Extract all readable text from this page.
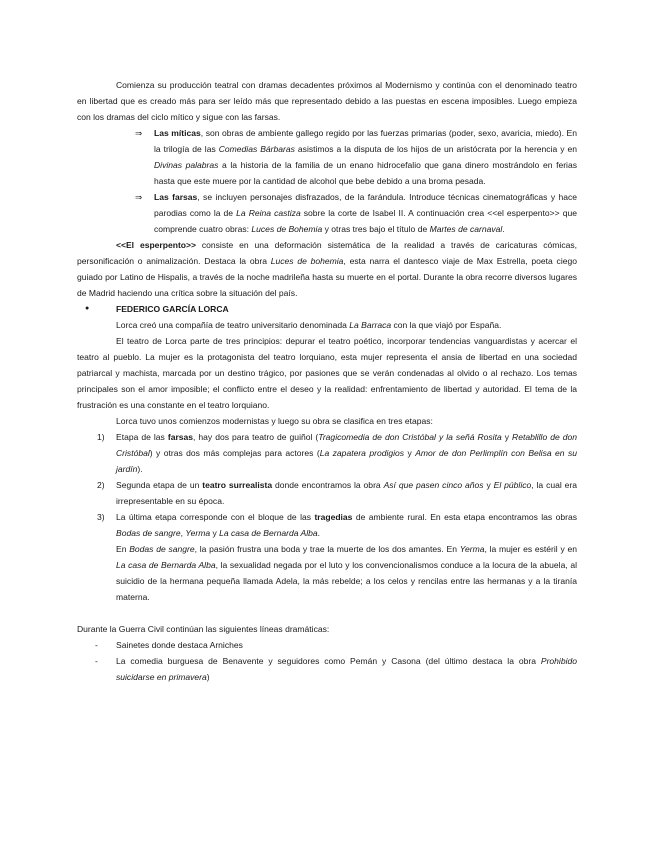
Comienza su producción teatral con dramas decadentes próximos al Modernismo y continúa con el denominado teatro en libertad que es creado más para ser leído más que representado debido a las puestas en escena imposibles. Luego empieza con los dramas del ciclo mítico y sigue con las farsas.

⇒ Las míticas, son obras de ambiente gallego regido por las fuerzas primarias (poder, sexo, avaricia, miedo). En la trilogía de las Comedias Bárbaras asistimos a la disputa de los hijos de un aristócrata por la herencia y en Divinas palabras a la historia de la familia de un enano hidrocefalio que gana dinero mostrándolo en ferias hasta que este muere por la cantidad de alcohol que bebe debido a una broma pesada.

⇒ Las farsas, se incluyen personajes disfrazados, de la farándula. Introduce técnicas cinematográficas y hace parodias como la de La Reina castiza sobre la corte de Isabel II. A continuación crea <<el esperpento>> que comprende cuatro obras: Luces de Bohemia y otras tres bajo el título de Martes de carnaval.

<<El esperpento>> consiste en una deformación sistemática de la realidad a través de caricaturas cómicas, personificación o animalización. Destaca la obra Luces de bohemia, esta narra el dantesco viaje de Max Estrella, poeta ciego guiado por Latino de Hispalis, a través de la noche madrileña hasta su muerte en el portal. Durante la obra recorre diversos lugares de Madrid haciendo una crítica sobre la situación del país.

●	FEDERICO GARCÍA LORCA

Lorca creó una compañía de teatro universitario denominada La Barraca con la que viajó por España.

El teatro de Lorca parte de tres principios: depurar el teatro poético, incorporar tendencias vanguardistas y acercar el teatro al pueblo. La mujer es la protagonista del teatro lorquiano, esta mujer representa el ansia de libertad en una sociedad patriarcal y machista, marcada por un destino trágico, por pasiones que se verán condenadas al olvido o al rechazo. Los temas principales son el amor imposible; el conflicto entre el deseo y la realidad: enfrentamiento de libertad y autoridad. El tema de la frustración es una constante en el teatro lorquiano.

Lorca tuvo unos comienzos modernistas y luego su obra se clasifica en tres etapas:

1) Etapa de las farsas, hay dos para teatro de guiñol (Tragicomedia de don Cristóbal y la señá Rosita y Retablillo de don Cristóbal) y otras dos más complejas para actores (La zapatera prodigios y Amor de don Perlimplín con Belisa en su jardín).

2) Segunda etapa de un teatro surrealista donde encontramos la obra Así que pasen cinco años y El público, la cual era irrepresentable en su época.

3) La última etapa corresponde con el bloque de las tragedias de ambiente rural. En esta etapa encontramos las obras Bodas de sangre, Yerma y La casa de Bernarda Alba.

En Bodas de sangre, la pasión frustra una boda y trae la muerte de los dos amantes. En Yerma, la mujer es estéril y en La casa de Bernarda Alba, la sexualidad negada por el luto y los convencionalismos conduce a la locura de la abuela, al suicidio de la hermana pequeña llamada Adela, la más rebelde; a los celos y rencilas entre las hermanas y a la tiranía materna.

Durante la Guerra Civil continúan las siguientes líneas dramáticas:

- Sainetes donde destaca Arniches

- La comedia burguesa de Benavente y seguidores como Pemán y Casona (del último destaca la obra Prohibido suicidarse en primavera)
